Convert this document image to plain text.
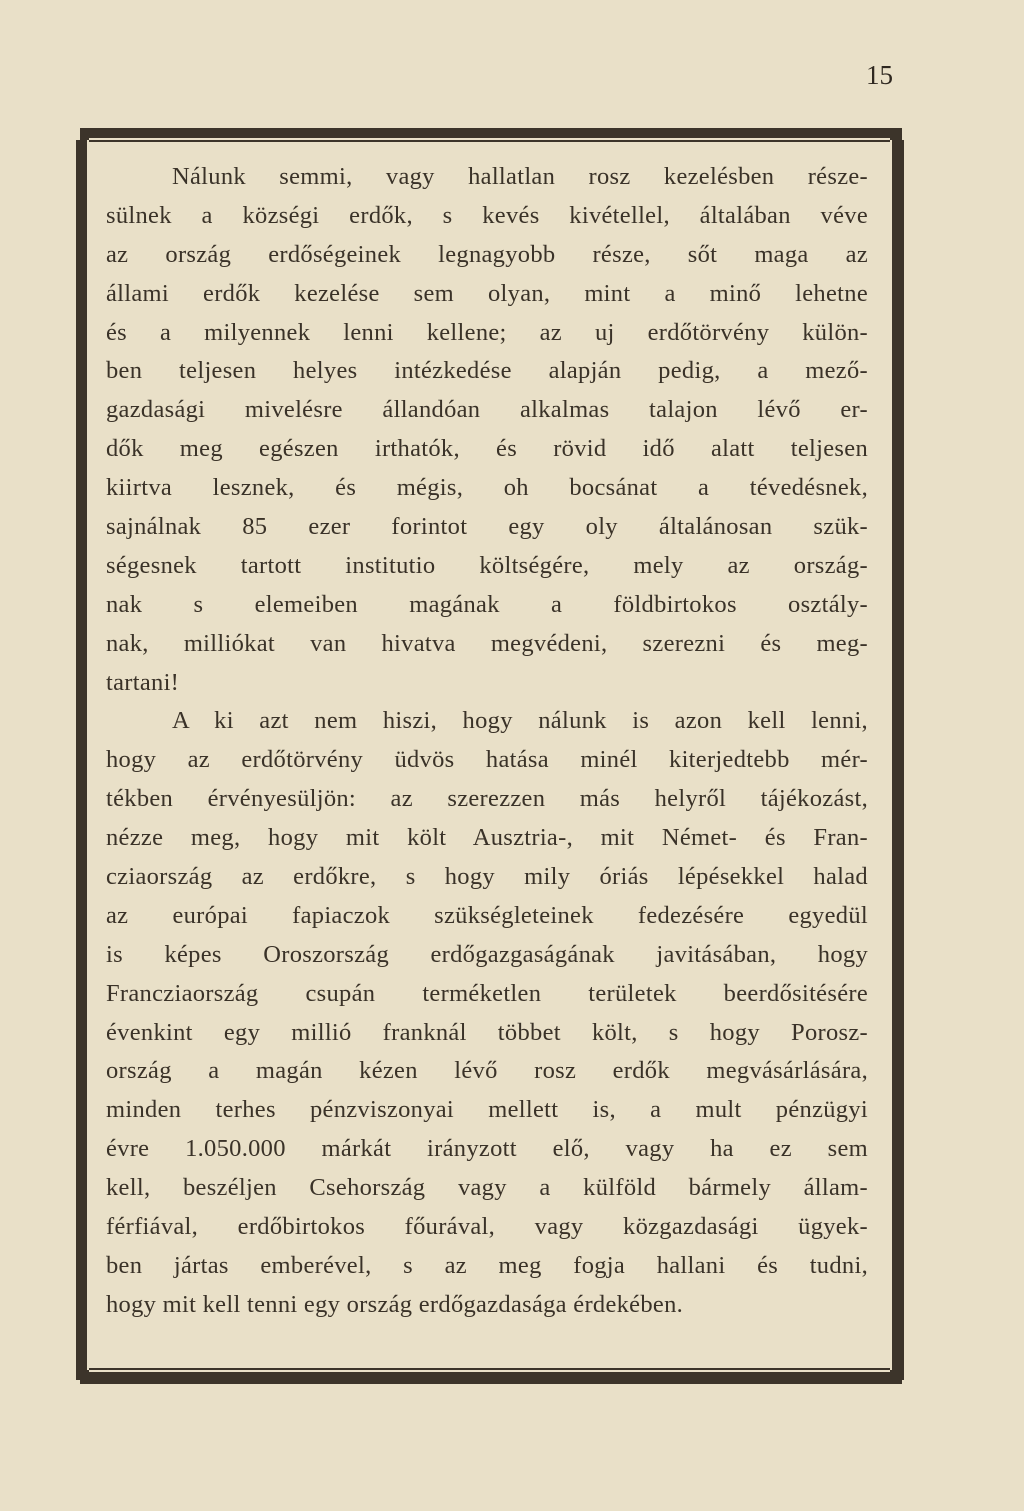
15
Nálunk semmi, vagy hallatlan rosz kezelésben része-
sülnek a községi erdők, s kevés kivétellel, általában véve
az ország erdőségeinek legnagyobb része, sőt maga az
állami erdők kezelése sem olyan, mint a minő lehetne
és a milyennek lenni kellene; az uj erdőtörvény külön-
ben teljesen helyes intézkedése alapján pedig, a mező-
gazdasági mivelésre állandóan alkalmas talajon lévő er-
dők meg egészen irthatók, és rövid idő alatt teljesen
kiirtva lesznek, és mégis, oh bocsánat a tévedésnek,
sajnálnak 85 ezer forintot egy oly általánosan szük-
ségesnek tartott institutio költségére, mely az ország-
nak s elemeiben magának a földbirtokos osztály-
nak, milliókat van hivatva megvédeni, szerezni és meg-
tartani!
A ki azt nem hiszi, hogy nálunk is azon kell lenni,
hogy az erdőtörvény üdvös hatása minél kiterjedtebb mér-
tékben érvényesüljön: az szerezzen más helyről tájékozást,
nézze meg, hogy mit költ Ausztria-, mit Német- és Fran-
cziaország az erdőkre, s hogy mily óriás lépésekkel halad
az európai fapiaczok szükségleteinek fedezésére egyedül
is képes Oroszország erdőgazgaságának javitásában, hogy
Francziaország csupán terméketlen területek beerdősitésére
évenkint egy millió franknál többet költ, s hogy Porosz-
ország a magán kézen lévő rosz erdők megvásárlására,
minden terhes pénzviszonyai mellett is, a mult pénzügyi
évre 1.050.000 márkát irányzott elő, vagy ha ez sem
kell, beszéljen Csehország vagy a külföld bármely állam-
férfiával, erdőbirtokos főurával, vagy közgazdasági ügyek-
ben jártas emberével, s az meg fogja hallani és tudni,
hogy mit kell tenni egy ország erdőgazdasága érdekében.
